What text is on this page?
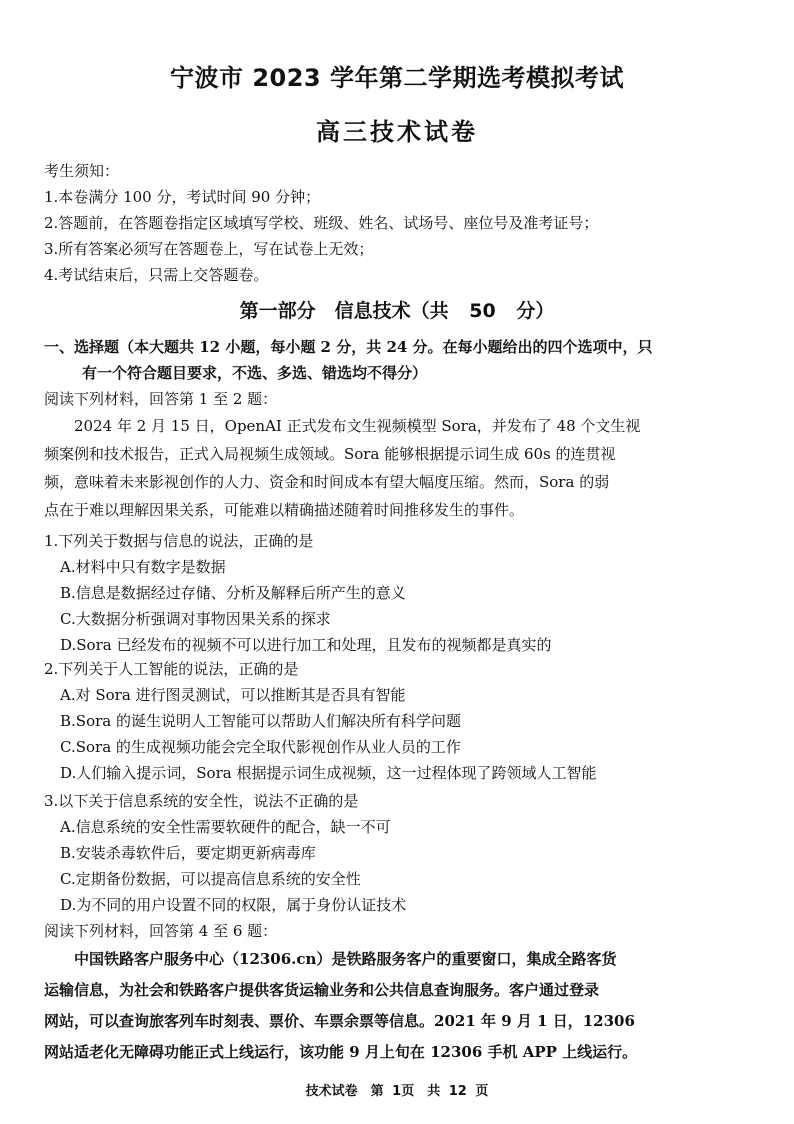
宁波市 2023 学年第二学期选考模拟考试
高三技术试卷
考生须知：
1.本卷满分 100 分，考试时间 90 分钟；
2.答题前，在答题卷指定区域填写学校、班级、姓名、试场号、座位号及准考证号；
3.所有答案必须写在答题卷上，写在试卷上无效；
4.考试结束后，只需上交答题卷。
第一部分　信息技术（共 50 分）
一、选择题（本大题共 12 小题，每小题 2 分，共 24 分。在每小题给出的四个选项中，只
有一个符合题目要求，不选、多选、错选均不得分）
阅读下列材料，回答第 1 至 2 题：
2024 年 2 月 15 日，OpenAI 正式发布文生视频模型 Sora，并发布了 48 个文生视
频案例和技术报告，正式入局视频生成领域。Sora 能够根据提示词生成 60s 的连贯视
频，意味着未来影视创作的人力、资金和时间成本有望大幅度压缩。然而，Sora 的弱
点在于难以理解因果关系，可能难以精确描述随着时间推移发生的事件。
1.下列关于数据与信息的说法，正确的是
A.材料中只有数字是数据
B.信息是数据经过存储、分析及解释后所产生的意义
C.大数据分析强调对事物因果关系的探求
D.Sora 已经发布的视频不可以进行加工和处理，且发布的视频都是真实的
2.下列关于人工智能的说法，正确的是
A.对 Sora 进行图灵测试，可以推断其是否具有智能
B.Sora 的诞生说明人工智能可以帮助人们解决所有科学问题
C.Sora 的生成视频功能会完全取代影视创作从业人员的工作
D.人们输入提示词，Sora 根据提示词生成视频，这一过程体现了跨领域人工智能
3.以下关于信息系统的安全性，说法不正确的是
A.信息系统的安全性需要软硬件的配合，缺一不可
B.安装杀毒软件后，要定期更新病毒库
C.定期备份数据，可以提高信息系统的安全性
D.为不同的用户设置不同的权限，属于身份认证技术
阅读下列材料，回答第 4 至 6 题：
中国铁路客户服务中心（12306.cn）是铁路服务客户的重要窗口，集成全路客货
运输信息，为社会和铁路客户提供客货运输业务和公共信息查询服务。客户通过登录
网站，可以查询旅客列车时刻表、票价、车票余票等信息。2021 年 9 月 1 日，12306
网站适老化无障碍功能正式上线运行，该功能 9 月上旬在 12306 手机 APP 上线运行。
技术试卷　第 1页　共 12 页
